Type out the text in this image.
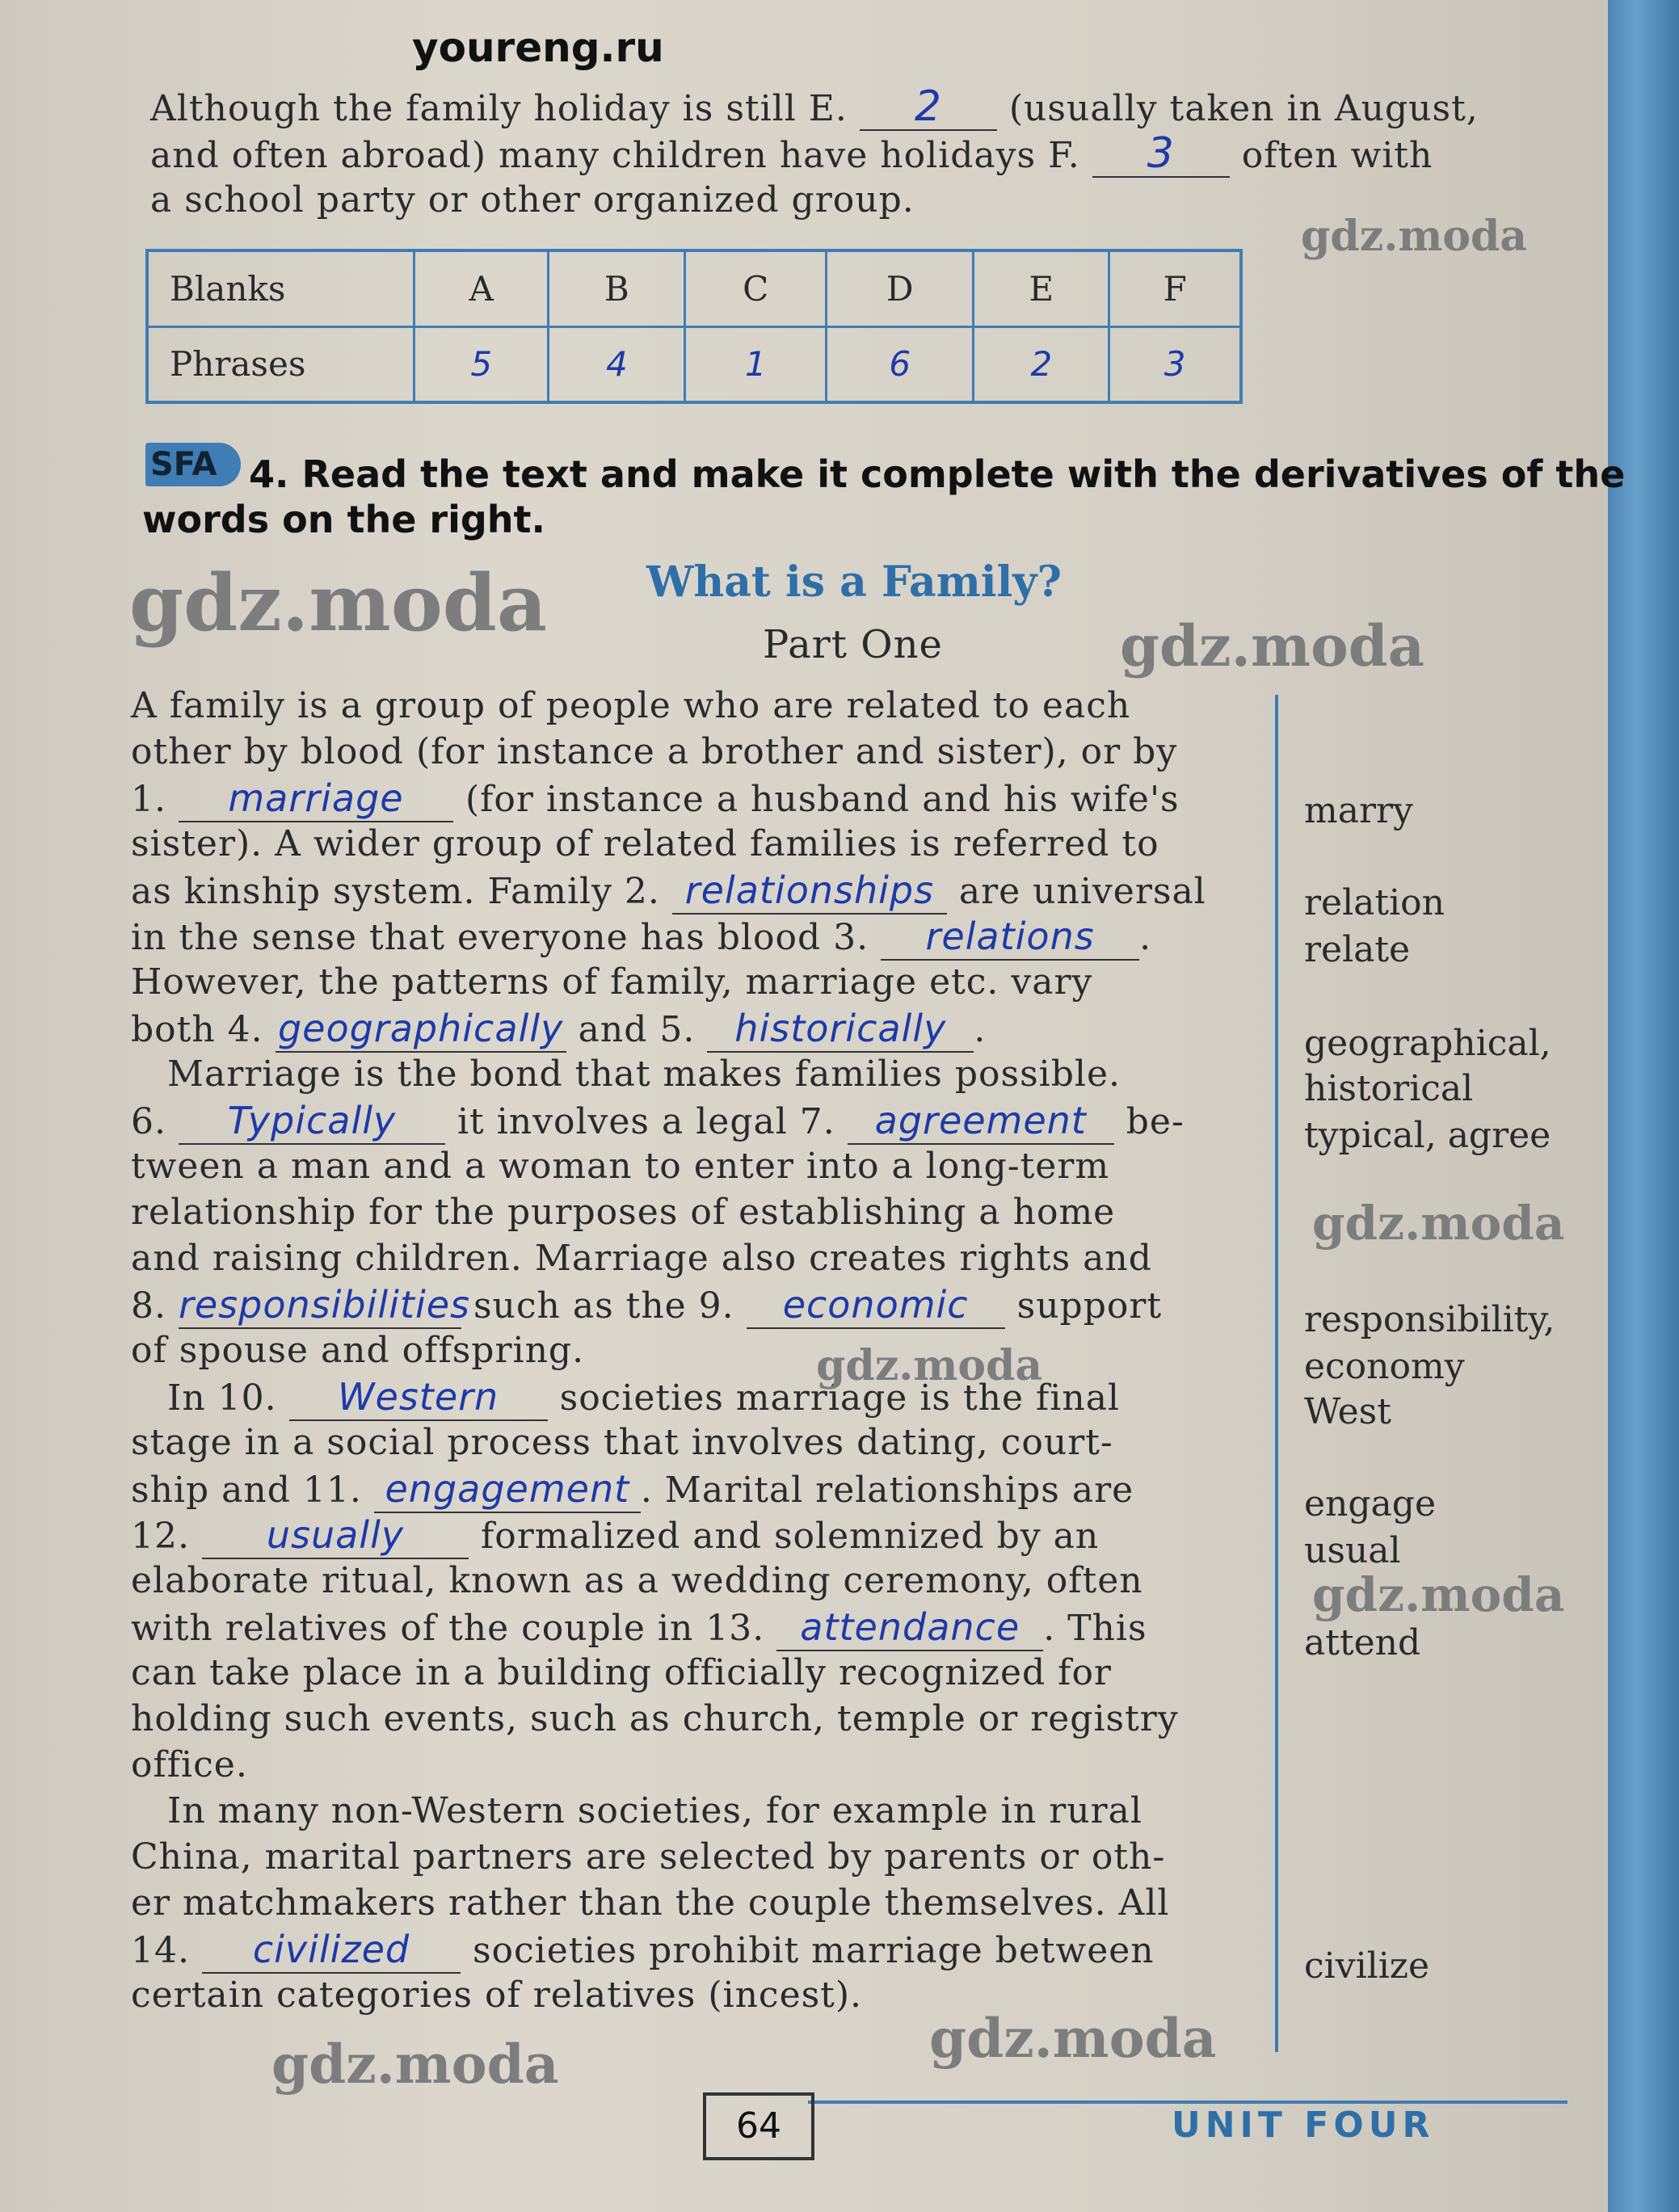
youreng.ru
Although the family holiday is still E. 2 (usually taken in August,
and often abroad) many children have holidays F. 3 often with
a school party or other organized group.
gdz.moda
Blanks	A	B	C	D	E	F
Phrases	5	4	1	6	2	3
SFA 4. Read the text and make it complete with the derivatives of the
words on the right.
gdz.moda What is a Family?
Part One	gdz.moda
A family is a group of people who are related to each
other by blood (for instance a brother and sister), or by
1. marriage (for instance a husband and his wife's
sister). A wider group of related families is referred to
as kinship system. Family 2. relationships are universal
in the sense that everyone has blood 3. relations .
However, the patterns of family, marriage etc. vary
both 4. geographically and 5. historically .
Marriage is the bond that makes families possible.
6. Typically it involves a legal 7. agreement be-
tween a man and a woman to enter into a long-term
relationship for the purposes of establishing a home
and raising children. Marriage also creates rights and
8. responsibilities such as the 9. economic support
of spouse and offspring.
In 10. Western societies marriage is the final
stage in a social process that involves dating, court-
ship and 11. engagement . Marital relationships are
12. usually formalized and solemnized by an
elaborate ritual, known as a wedding ceremony, often
with relatives of the couple in 13. attendance . This
can take place in a building officially recognized for
holding such events, such as church, temple or registry
office.
In many non-Western societies, for example in rural
China, marital partners are selected by parents or oth-
er matchmakers rather than the couple themselves. All
14. civilized societies prohibit marriage between
certain categories of relatives (incest).
marry
relation
relate
geographical,
historical
typical, agree
responsibility,
economy
West
engage
usual
attend
civilize
gdz.moda
gdz.moda
gdz.moda
gdz.moda
gdz.moda
64	UNIT FOUR
